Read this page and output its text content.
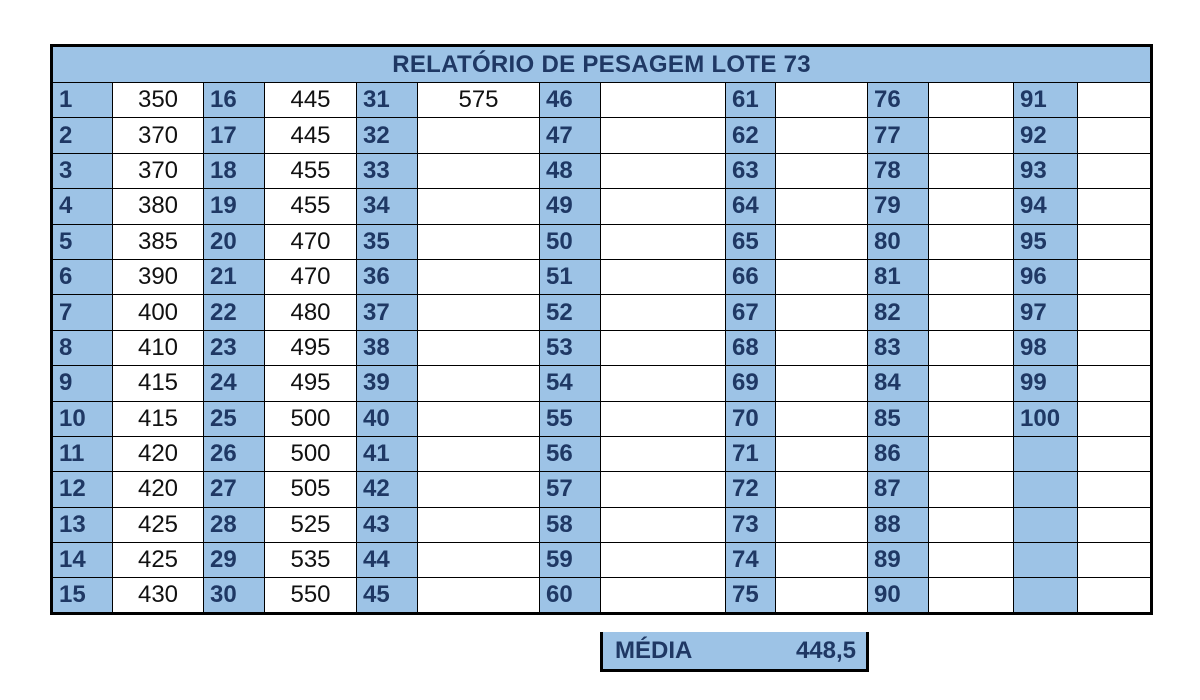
RELATÓRIO DE PESAGEM LOTE 73													
1	350	16	445	31	575	46		61		76		91	
2	370	17	445	32		47		62		77		92	
3	370	18	455	33		48		63		78		93	
4	380	19	455	34		49		64		79		94	
5	385	20	470	35		50		65		80		95	
6	390	21	470	36		51		66		81		96	
7	400	22	480	37		52		67		82		97	
8	410	23	495	38		53		68		83		98	
9	415	24	495	39		54		69		84		99	
10	415	25	500	40		55		70		85		100	
11	420	26	500	41		56		71		86			
12	420	27	505	42		57		72		87			
13	425	28	525	43		58		73		88			
14	425	29	535	44		59		74		89			
15	430	30	550	45		60		75		90			
MÉDIA	448,5
